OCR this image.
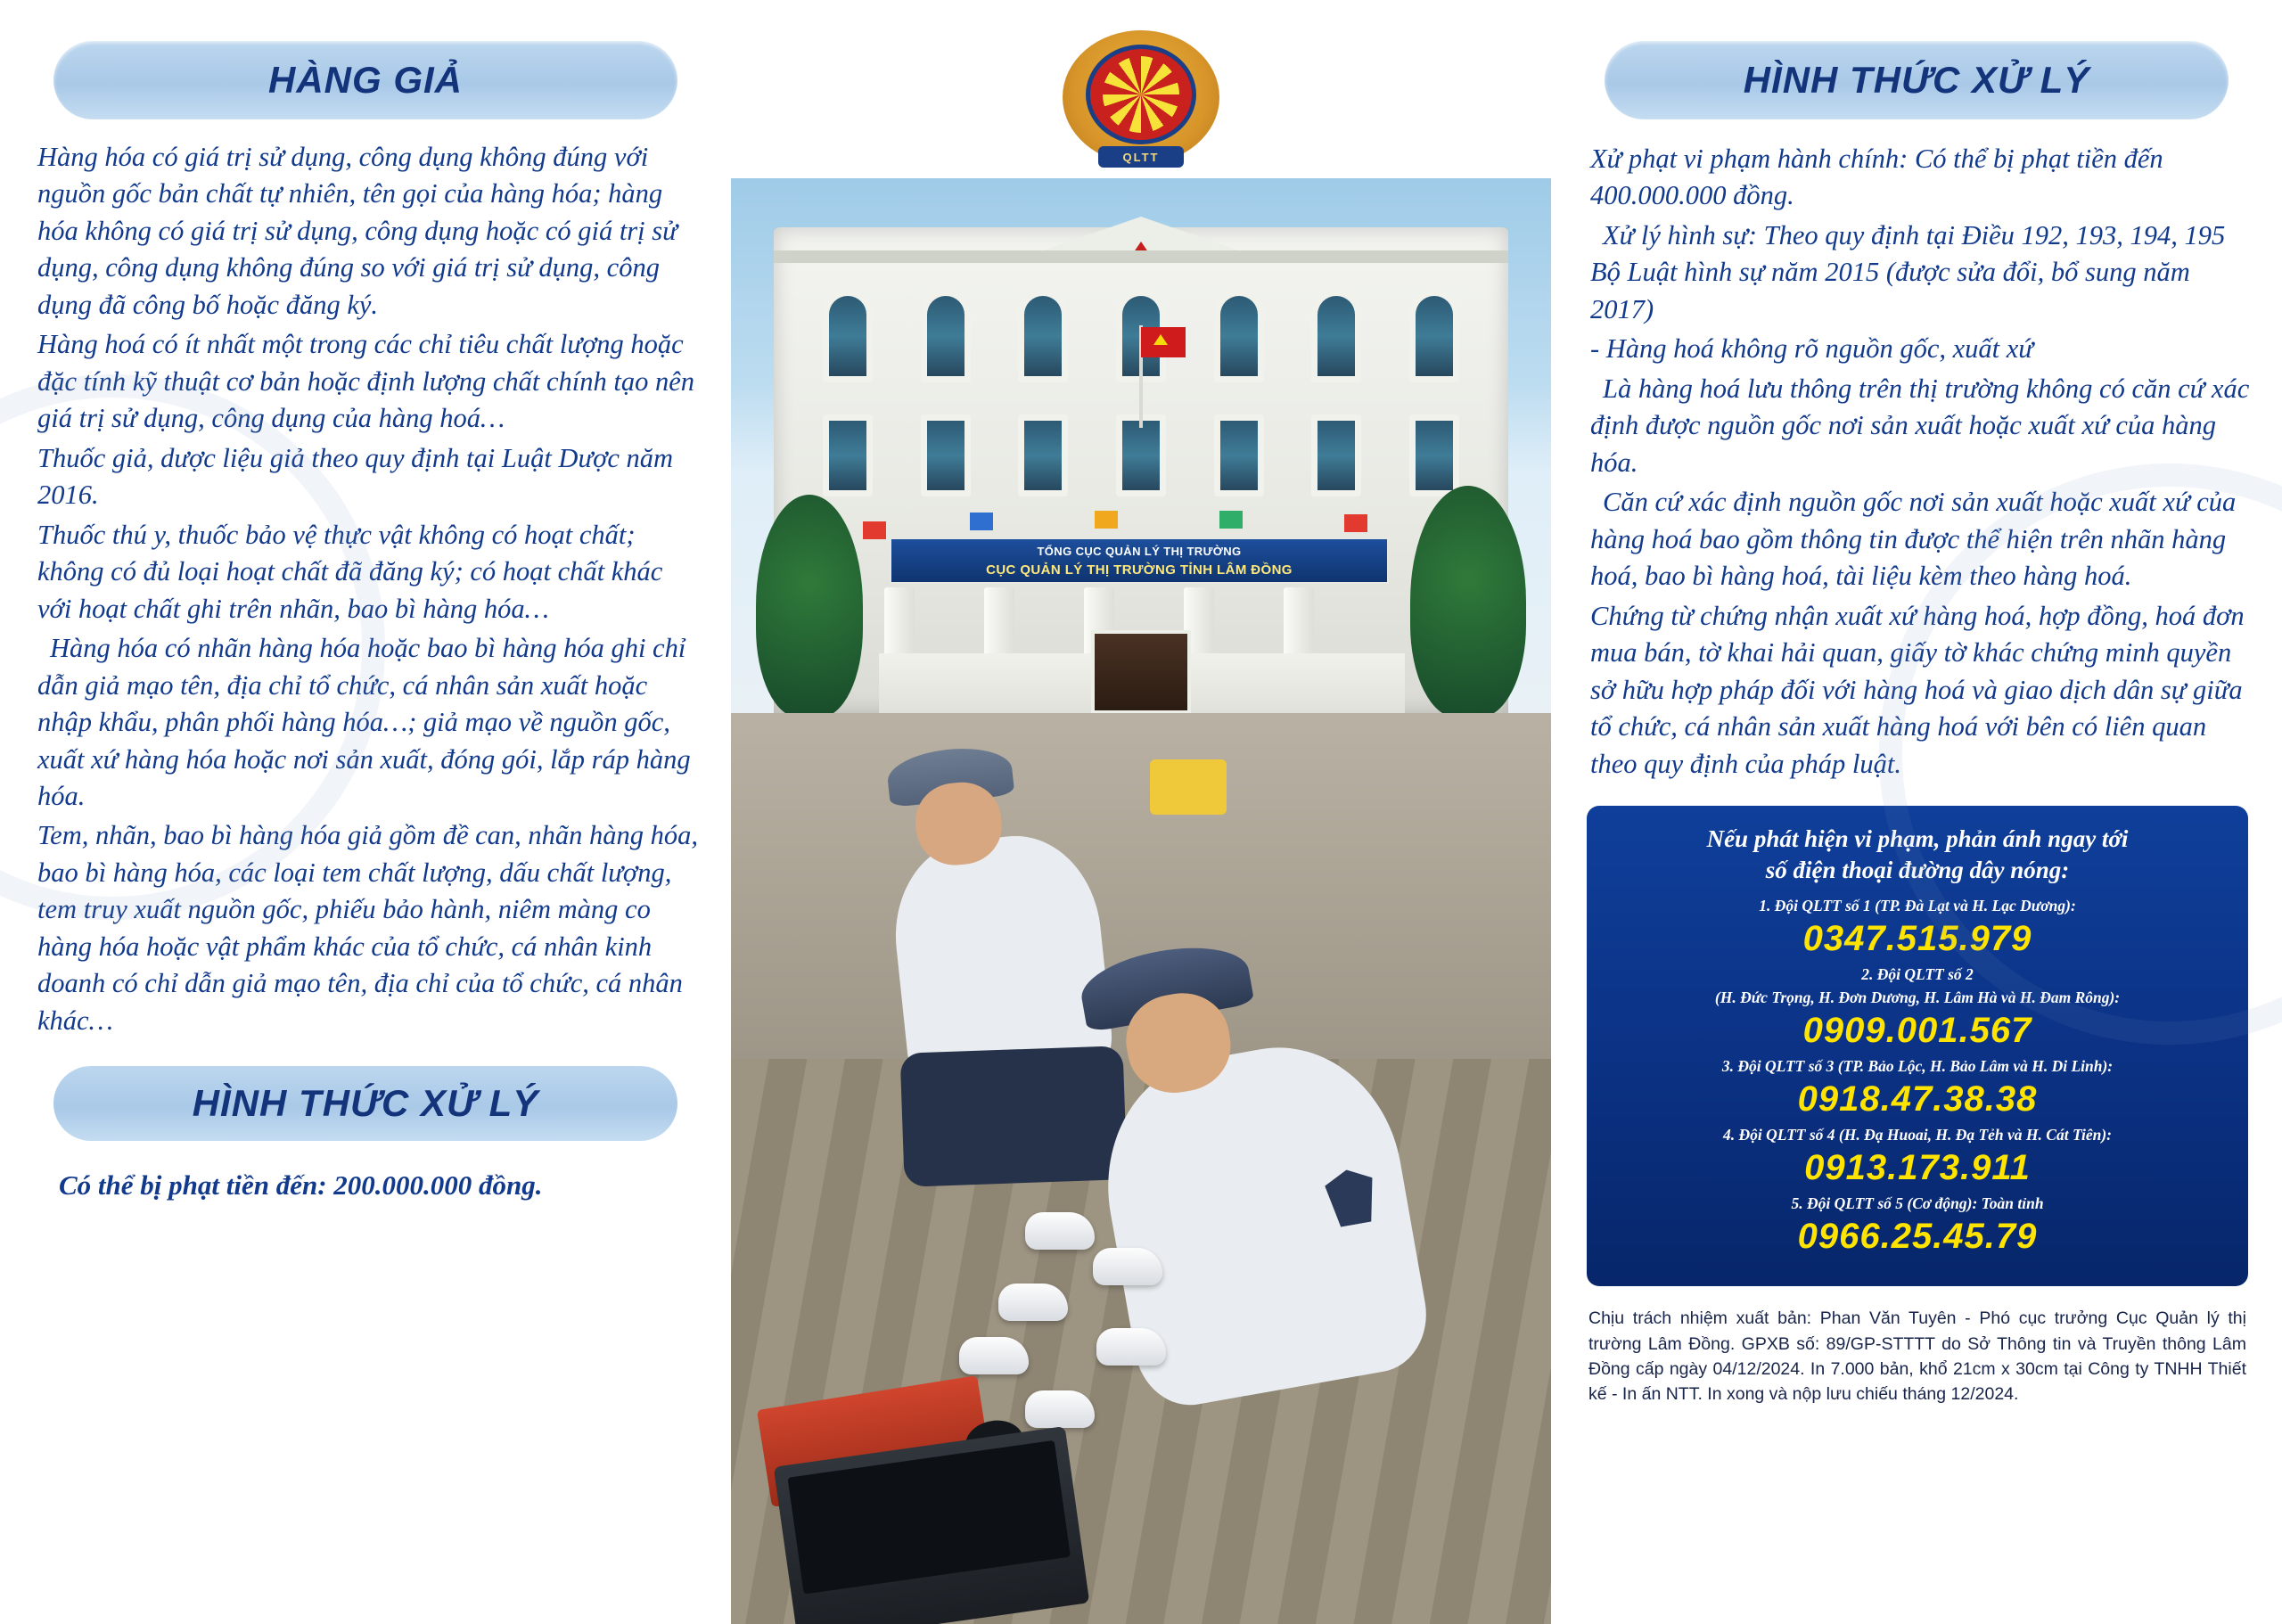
HÀNG GIẢ

Hàng hóa có giá trị sử dụng, công dụng không đúng với nguồn gốc bản chất tự nhiên, tên gọi của hàng hóa; hàng hóa không có giá trị sử dụng, công dụng hoặc có giá trị sử dụng, công dụng không đúng so với giá trị sử dụng, công dụng đã công bố hoặc đăng ký.

Hàng hoá có ít nhất một trong các chỉ tiêu chất lượng hoặc đặc tính kỹ thuật cơ bản hoặc định lượng chất chính tạo nên giá trị sử dụng, công dụng của hàng hoá…

Thuốc giả, dược liệu giả theo quy định tại Luật Dược năm 2016.

Thuốc thú y, thuốc bảo vệ thực vật không có hoạt chất; không có đủ loại hoạt chất đã đăng ký; có hoạt chất khác với hoạt chất ghi trên nhãn, bao bì hàng hóa…

Hàng hóa có nhãn hàng hóa hoặc bao bì hàng hóa ghi chỉ dẫn giả mạo tên, địa chỉ tổ chức, cá nhân sản xuất hoặc nhập khẩu, phân phối hàng hóa…; giả mạo về nguồn gốc, xuất xứ hàng hóa hoặc nơi sản xuất, đóng gói, lắp ráp hàng hóa.

Tem, nhãn, bao bì hàng hóa giả gồm đề can, nhãn hàng hóa, bao bì hàng hóa, các loại tem chất lượng, dấu chất lượng, tem truy xuất nguồn gốc, phiếu bảo hành, niêm màng co hàng hóa hoặc vật phẩm khác của tổ chức, cá nhân kinh doanh có chỉ dẫn giả mạo tên, địa chỉ của tổ chức, cá nhân khác…

HÌNH THỨC XỬ LÝ
Có thể bị phạt tiền đến: 200.000.000 đồng.
QLTT
TỔNG CỤC QUẢN LÝ THỊ TRƯỜNG
CỤC QUẢN LÝ THỊ TRƯỜNG TỈNH LÂM ĐỒNG
HÌNH THỨC XỬ LÝ

Xử phạt vi phạm hành chính: Có thể bị phạt tiền đến 400.000.000 đồng.

Xử lý hình sự: Theo quy định tại Điều 192, 193, 194, 195 Bộ Luật hình sự năm 2015 (được sửa đổi, bổ sung năm 2017)

- Hàng hoá không rõ nguồn gốc, xuất xứ

Là hàng hoá lưu thông trên thị trường không có căn cứ xác định được nguồn gốc nơi sản xuất hoặc xuất xứ của hàng hóa.

Căn cứ xác định nguồn gốc nơi sản xuất hoặc xuất xứ của hàng hoá bao gồm thông tin được thể hiện trên nhãn hàng hoá, bao bì hàng hoá, tài liệu kèm theo hàng hoá.

Chứng từ chứng nhận xuất xứ hàng hoá, hợp đồng, hoá đơn mua bán, tờ khai hải quan, giấy tờ khác chứng minh quyền sở hữu hợp pháp đối với hàng hoá và giao dịch dân sự giữa tổ chức, cá nhân sản xuất hàng hoá với bên có liên quan theo quy định của pháp luật.

Nếu phát hiện vi phạm, phản ánh ngay tới
số điện thoại đường dây nóng:
1. Đội QLTT số 1 (TP. Đà Lạt và H. Lạc Dương):
0347.515.979
2. Đội QLTT số 2
(H. Đức Trọng, H. Đơn Dương, H. Lâm Hà và H. Đam Rông):
0909.001.567
3. Đội QLTT số 3 (TP. Bảo Lộc, H. Bảo Lâm và H. Di Linh):
0918.47.38.38
4. Đội QLTT số 4 (H. Đạ Huoai, H. Đạ Tẻh và H. Cát Tiên):
0913.173.911
5. Đội QLTT số 5 (Cơ động): Toàn tỉnh
0966.25.45.79
Chịu trách nhiệm xuất bản: Phan Văn Tuyên - Phó cục trưởng Cục Quản lý thị trường Lâm Đồng. GPXB số: 89/GP-STTTT do Sở Thông tin và Truyền thông Lâm Đồng cấp ngày 04/12/2024. In 7.000 bản, khổ 21cm x 30cm tại Công ty TNHH Thiết kế - In ấn NTT. In xong và nộp lưu chiếu tháng 12/2024.
